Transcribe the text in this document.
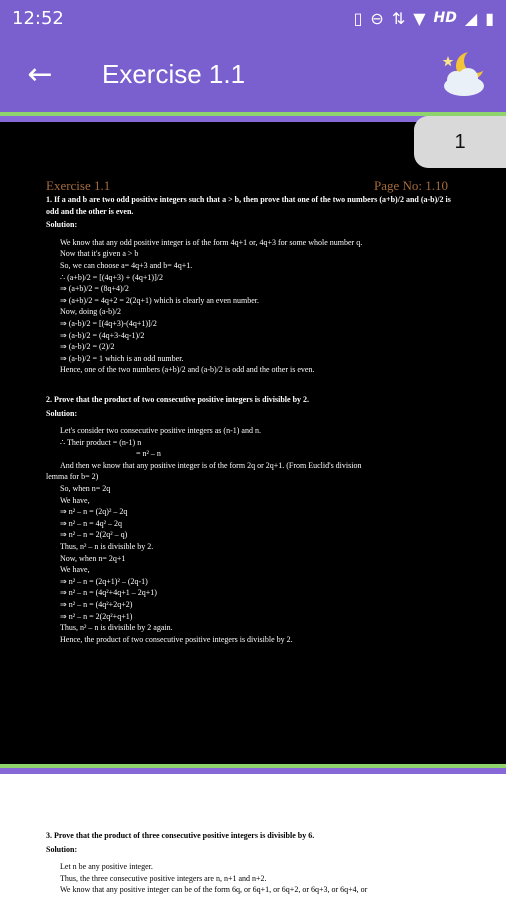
12:52	▯ ⊖ ⇅ ▼ HD ◢ ▮
← Exercise 1.1
Exercise 1.1	Page No: 1.10
1. If a and b are two odd positive integers such that a > b, then prove that one of the two numbers (a+b)/2 and (a-b)/2 is odd and the other is even.
Solution:
We know that any odd positive integer is of the form 4q+1 or, 4q+3 for some whole number q.
Now that it's given a > b
So, we can choose a= 4q+3 and b= 4q+1.
∴ (a+b)/2 = [(4q+3) + (4q+1)]/2
⇒ (a+b)/2 = (8q+4)/2
⇒ (a+b)/2 = 4q+2 = 2(2q+1) which is clearly an even number.
Now, doing (a-b)/2
⇒ (a-b)/2 = [(4q+3)-(4q+1)]/2
⇒ (a-b)/2 = (4q+3-4q-1)/2
⇒ (a-b)/2 = (2)/2
⇒ (a-b)/2 = 1 which is an odd number.
Hence, one of the two numbers (a+b)/2 and (a-b)/2 is odd and the other is even.
2. Prove that the product of two consecutive positive integers is divisible by 2.
Solution:
Let's consider two consecutive positive integers as (n-1) and n.
∴ Their product = (n-1) n
= n² – n
And then we know that any positive integer is of the form 2q or 2q+1. (From Euclid's division
lemma for b= 2)
So, when n= 2q
We have,
⇒ n² – n = (2q)² – 2q
⇒ n² – n = 4q² – 2q
⇒ n² – n = 2(2q² – q)
Thus, n² – n is divisible by 2.
Now, when n= 2q+1
We have,
⇒ n² – n = (2q+1)² – (2q-1)
⇒ n² – n = (4q²+4q+1 – 2q+1)
⇒ n² – n = (4q²+2q+2)
⇒ n² – n = 2(2q²+q+1)
Thus, n² – n is divisible by 2 again.
Hence, the product of two consecutive positive integers is divisible by 2.
1
3. Prove that the product of three consecutive positive integers is divisible by 6.
Solution:
Let n be any positive integer.
Thus, the three consecutive positive integers are n, n+1 and n+2.
We know that any positive integer can be of the form 6q, or 6q+1, or 6q+2, or 6q+3, or 6q+4, or
